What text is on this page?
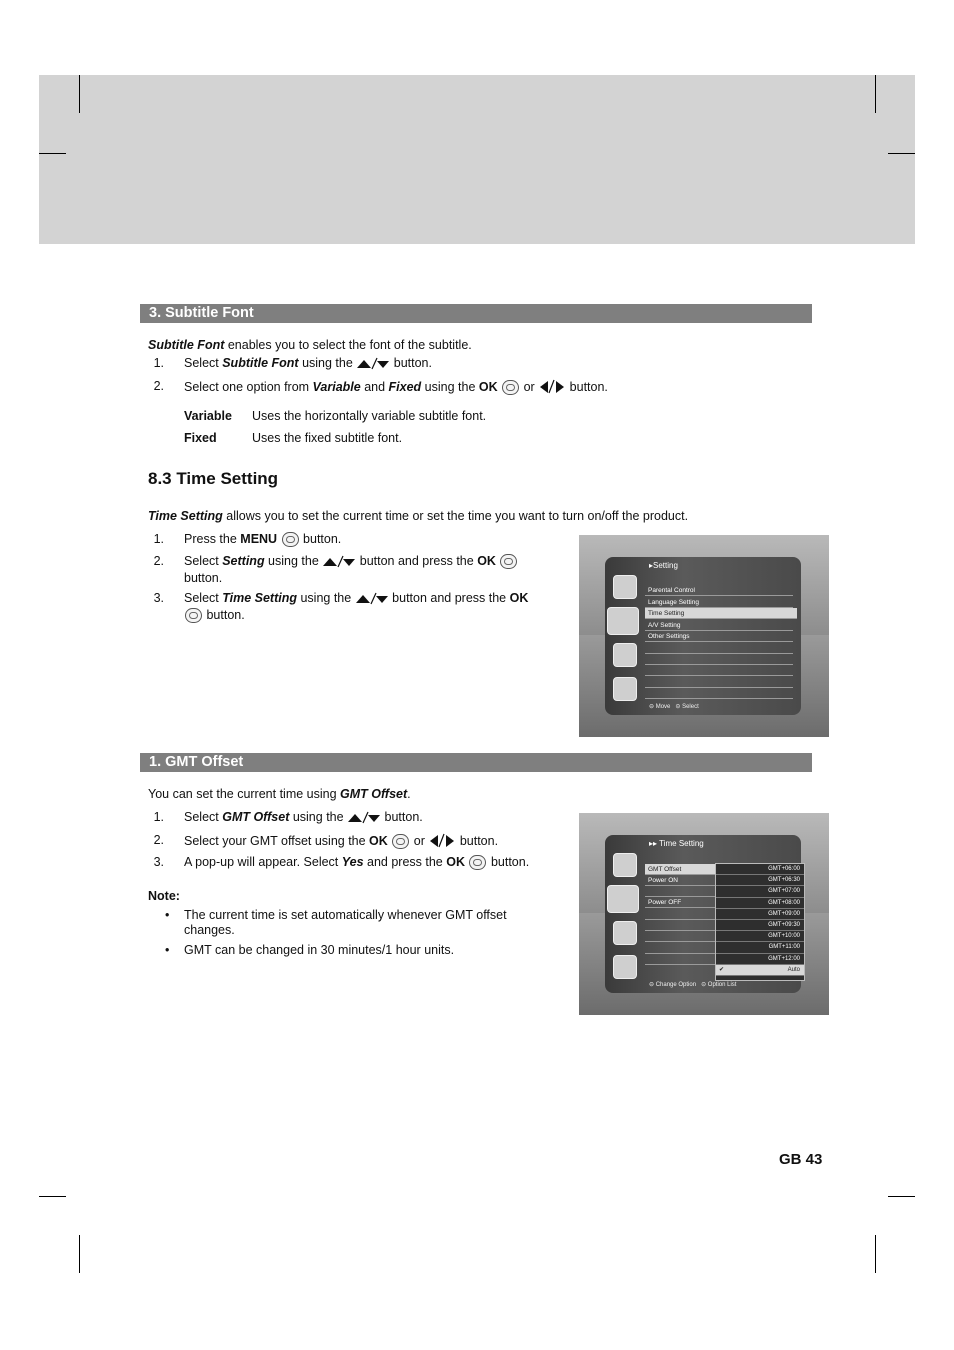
3. Subtitle Font
Subtitle Font enables you to select the font of the subtitle.
1. Select Subtitle Font using the	button.
2. Select one option from Variable and Fixed using the OK  or  button.
Variable Uses the horizontally variable subtitle font.
Fixed	Uses the fixed subtitle font.
8.3 Time Setting
Time Setting allows you to set the current time or set the time you want to turn on/off the product.
1. Press the MENU  button.
2. Select Setting using the	button and press the OK
button.
3. Select Time Setting using the	button and press the OK
button.
▸Setting
Parental Control
Language Setting
Time Setting
A/V Setting
Other Settings
⊖ Move   ⊝ Select
1. GMT Offset
You can set the current time using GMT Offset.
1. Select GMT Offset using the	button.
2. Select your GMT offset using the OK  or  button.
3. A pop-up will appear. Select Yes and press the OK  button.
Note:
• The current time is set automatically whenever GMT offset
changes.
• GMT can be changed in 30 minutes/1 hour units.
▸▸ Time Setting
GMT Offset
Power ON
Power OFF
GMT+06:00
GMT+06:30
GMT+07:00
GMT+08:00
GMT+09:00
GMT+09:30
GMT+10:00
GMT+11:00
GMT+12:00
✔	Auto
⊖ Change Option   ⊝ Option List
GB 43
